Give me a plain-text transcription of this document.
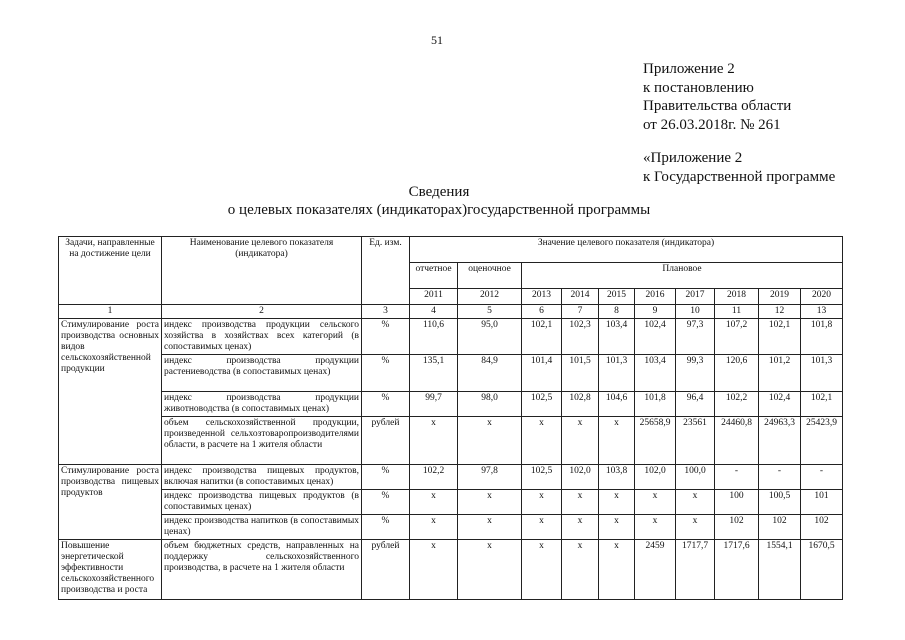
51
Приложение 2
к постановлению
Правительства области
от 26.03.2018г. № 261
«Приложение 2
к Государственной программе
Сведения
о целевых показателях (индикаторах)государственной программы
Задачи, направленные на достижение цели	Наименование целевого показателя (индикатора)	Ед. изм.	Значение целевого показателя (индикатора)									
			отчетное	оценочное	Плановое							
			2011	2012	2013	2014	2015	2016	2017	2018	2019	2020
1	2	3	4	5	6	7	8	9	10	11	12	13
Стимулирование роста производства основных видов сельскохозяйственной продукции	индекс производства продукции сельского хозяйства в хозяйствах всех категорий (в сопоставимых ценах)	%	110,6	95,0	102,1	102,3	103,4	102,4	97,3	107,2	102,1	101,8
	индекс производства продукции растениеводства (в сопоставимых ценах)	%	135,1	84,9	101,4	101,5	101,3	103,4	99,3	120,6	101,2	101,3
	индекс производства продукции животноводства (в сопоставимых ценах)	%	99,7	98,0	102,5	102,8	104,6	101,8	96,4	102,2	102,4	102,1
	объем сельскохозяйственной продукции, произведенной сельхозтоваропроизводителями области, в расчете на 1 жителя области	рублей	х	х	х	х	х	25658,9	23561	24460,8	24963,3	25423,9
Стимулирование роста производства пищевых продуктов	индекс производства пищевых продуктов, включая напитки (в сопоставимых ценах)	%	102,2	97,8	102,5	102,0	103,8	102,0	100,0	-	-	-
	индекс производства пищевых продуктов (в сопоставимых ценах)	%	х	х	х	х	х	х	х	100	100,5	101
	индекс производства напитков (в сопоставимых ценах)	%	х	х	х	х	х	х	х	102	102	102
Повышение энергетической эффективности сельскохозяйственного производства и роста	объем бюджетных средств, направленных на поддержку сельскохозяйственного производства, в расчете на 1 жителя области	рублей	х	х	х	х	х	2459	1717,7	1717,6	1554,1	1670,5
